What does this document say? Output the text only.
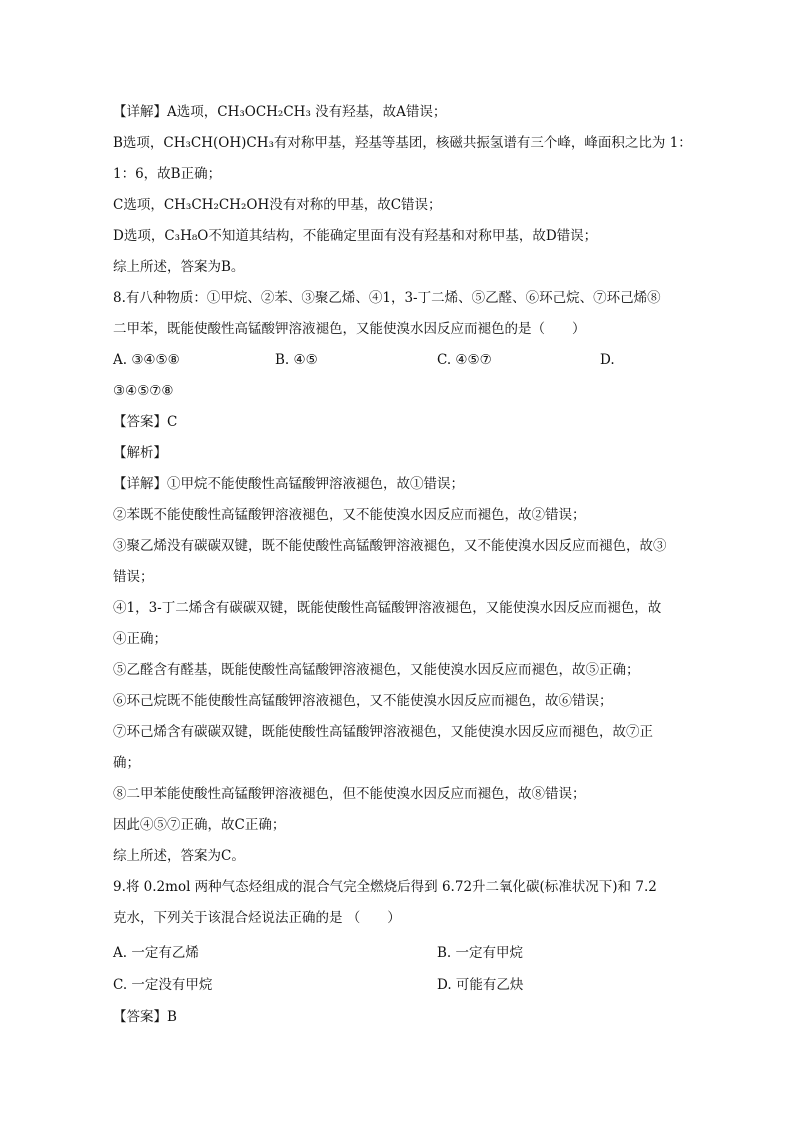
【详解】A选项，CH₃OCH₂CH₃ 没有羟基，故A错误；
B选项，CH₃CH(OH)CH₃有对称甲基，羟基等基团，核磁共振氢谱有三个峰，峰面积之比为 1：
1：6，故B正确；
C选项，CH₃CH₂CH₂OH没有对称的甲基，故C错误；
D选项，C₃H₈O不知道其结构，不能确定里面有没有羟基和对称甲基，故D错误；
综上所述，答案为B。
8.有八种物质：①甲烷、②苯、③聚乙烯、④1，3-丁二烯、⑤乙醛、⑥环己烷、⑦环己烯⑧
二甲苯，既能使酸性高锰酸钾溶液褪色，又能使溴水因反应而褪色的是（　　）
A. ③④⑤⑧	B. ④⑤	C. ④⑤⑦	D.
③④⑤⑦⑧
【答案】C
【解析】
【详解】①甲烷不能使酸性高锰酸钾溶液褪色，故①错误；
②苯既不能使酸性高锰酸钾溶液褪色，又不能使溴水因反应而褪色，故②错误；
③聚乙烯没有碳碳双键，既不能使酸性高锰酸钾溶液褪色，又不能使溴水因反应而褪色，故③
错误；
④1，3-丁二烯含有碳碳双键，既能使酸性高锰酸钾溶液褪色，又能使溴水因反应而褪色，故
④正确；
⑤乙醛含有醛基，既能使酸性高锰酸钾溶液褪色，又能使溴水因反应而褪色，故⑤正确；
⑥环己烷既不能使酸性高锰酸钾溶液褪色，又不能使溴水因反应而褪色，故⑥错误；
⑦环己烯含有碳碳双键，既能使酸性高锰酸钾溶液褪色，又能使溴水因反应而褪色，故⑦正
确；
⑧二甲苯能使酸性高锰酸钾溶液褪色，但不能使溴水因反应而褪色，故⑧错误；
因此④⑤⑦正确，故C正确；
综上所述，答案为C。
9.将 0.2mol 两种气态烃组成的混合气完全燃烧后得到 6.72升二氧化碳(标准状况下)和 7.2
克水，下列关于该混合烃说法正确的是 （　　）
A. 一定有乙烯	B. 一定有甲烷
C. 一定没有甲烷	D. 可能有乙炔
【答案】B
